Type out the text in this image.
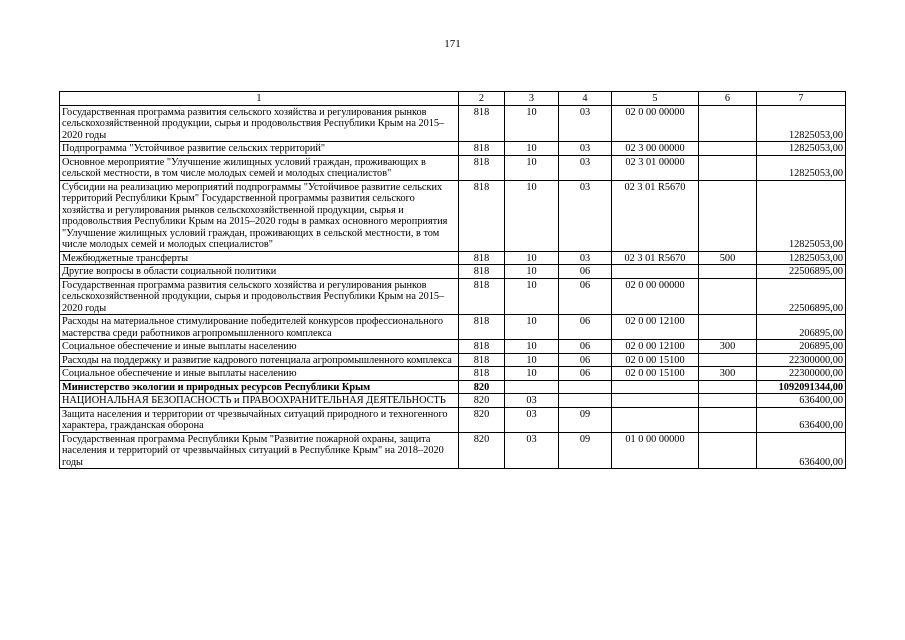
171
1	2	3	4	5	6	7
Государственная программа развития сельского хозяйства и регулирования рынков сельскохозяйственной продукции, сырья и продовольствия Республики Крым на 2015–2020 годы	818	10	03	02 0 00 00000		12825053,00
Подпрограмма "Устойчивое развитие сельских территорий"	818	10	03	02 3 00 00000		12825053,00
Основное мероприятие "Улучшение жилищных условий граждан, проживающих в сельской местности, в том числе молодых семей и молодых специалистов"	818	10	03	02 3 01 00000		12825053,00
Субсидии на реализацию мероприятий подпрограммы "Устойчивое развитие сельских территорий Республики Крым" Государственной программы развития сельского хозяйства и регулирования рынков сельскохозяйственной продукции, сырья и продовольствия Республики Крым на 2015–2020 годы в рамках основного мероприятия "Улучшение жилищных условий граждан, проживающих в сельской местности, в том числе молодых семей и молодых специалистов"	818	10	03	02 3 01 R5670		12825053,00
Межбюджетные трансферты	818	10	03	02 3 01 R5670	500	12825053,00
Другие вопросы в области социальной политики	818	10	06			22506895,00
Государственная программа развития сельского хозяйства и регулирования рынков сельскохозяйственной продукции, сырья и продовольствия Республики Крым на 2015–2020 годы	818	10	06	02 0 00 00000		22506895,00
Расходы на материальное стимулирование победителей конкурсов профессионального мастерства среди работников агропромышленного комплекса	818	10	06	02 0 00 12100		206895,00
Социальное обеспечение и иные выплаты населению	818	10	06	02 0 00 12100	300	206895,00
Расходы на поддержку и развитие кадрового потенциала агропромышленного комплекса	818	10	06	02 0 00 15100		22300000,00
Социальное обеспечение и иные выплаты населению	818	10	06	02 0 00 15100	300	22300000,00
Министерство экологии и природных ресурсов Республики Крым	820					1092091344,00
НАЦИОНАЛЬНАЯ БЕЗОПАСНОСТЬ и ПРАВООХРАНИТЕЛЬНАЯ ДЕЯТЕЛЬНОСТЬ	820	03				636400,00
Защита населения и территории от чрезвычайных ситуаций природного и техногенного характера, гражданская оборона	820	03	09			636400,00
Государственная программа Республики Крым "Развитие пожарной охраны, защита населения и территорий от чрезвычайных ситуаций в Республике Крым" на 2018–2020 годы	820	03	09	01 0 00 00000		636400,00
